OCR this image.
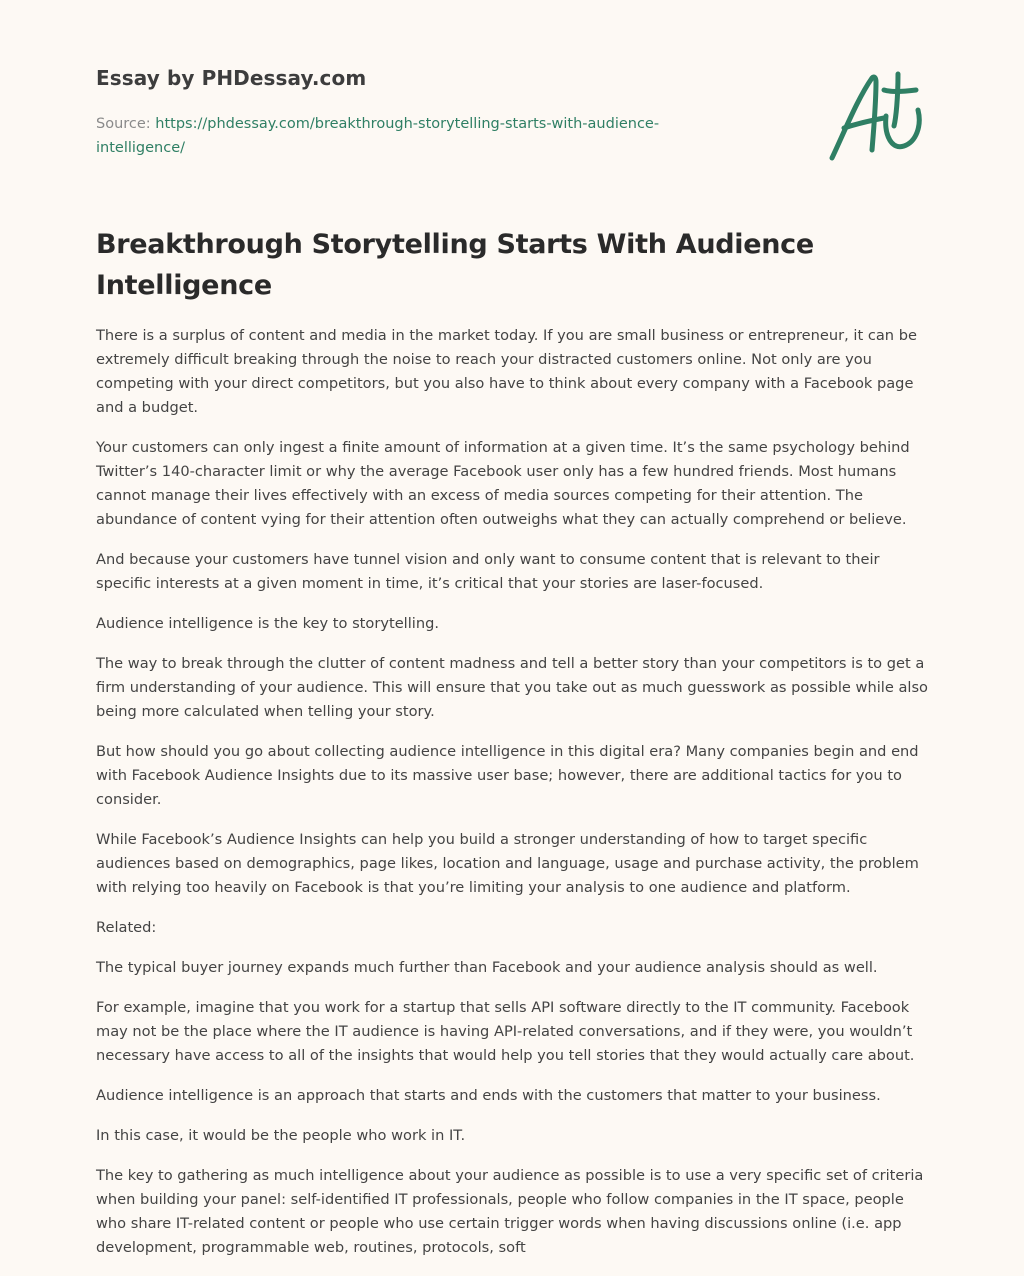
Essay by PHDessay.com
Source: https://phdessay.com/breakthrough-storytelling-starts-with-audience-intelligence/
Breakthrough Storytelling Starts With Audience Intelligence

There is a surplus of content and media in the market today. If you are small business or entrepreneur, it can be extremely difficult breaking through the noise to reach your distracted customers online. Not only are you competing with your direct competitors, but you also have to think about every company with a Facebook page and a budget.

Your customers can only ingest a finite amount of information at a given time. It’s the same psychology behind Twitter’s 140-character limit or why the average Facebook user only has a few hundred friends. Most humans cannot manage their lives effectively with an excess of media sources competing for their attention. The abundance of content vying for their attention often outweighs what they can actually comprehend or believe.

And because your customers have tunnel vision and only want to consume content that is relevant to their specific interests at a given moment in time, it’s critical that your stories are laser-focused.

Audience intelligence is the key to storytelling.

The way to break through the clutter of content madness and tell a better story than your competitors is to get a firm understanding of your audience. This will ensure that you take out as much guesswork as possible while also being more calculated when telling your story.

But how should you go about collecting audience intelligence in this digital era? Many companies begin and end with Facebook Audience Insights due to its massive user base; however, there are additional tactics for you to consider.

While Facebook’s Audience Insights can help you build a stronger understanding of how to target specific audiences based on demographics, page likes, location and language, usage and purchase activity, the problem with relying too heavily on Facebook is that you’re limiting your analysis to one audience and platform.

Related:

The typical buyer journey expands much further than Facebook and your audience analysis should as well.

For example, imagine that you work for a startup that sells API software directly to the IT community. Facebook may not be the place where the IT audience is having API-related conversations, and if they were, you wouldn’t necessary have access to all of the insights that would help you tell stories that they would actually care about.

Audience intelligence is an approach that starts and ends with the customers that matter to your business.

In this case, it would be the people who work in IT.

The key to gathering as much intelligence about your audience as possible is to use a very specific set of criteria when building your panel: self-identified IT professionals, people who follow companies in the IT space, people who share IT-related content or people who use certain trigger words when having discussions online (i.e. app development, programmable web, routines, protocols, soft
